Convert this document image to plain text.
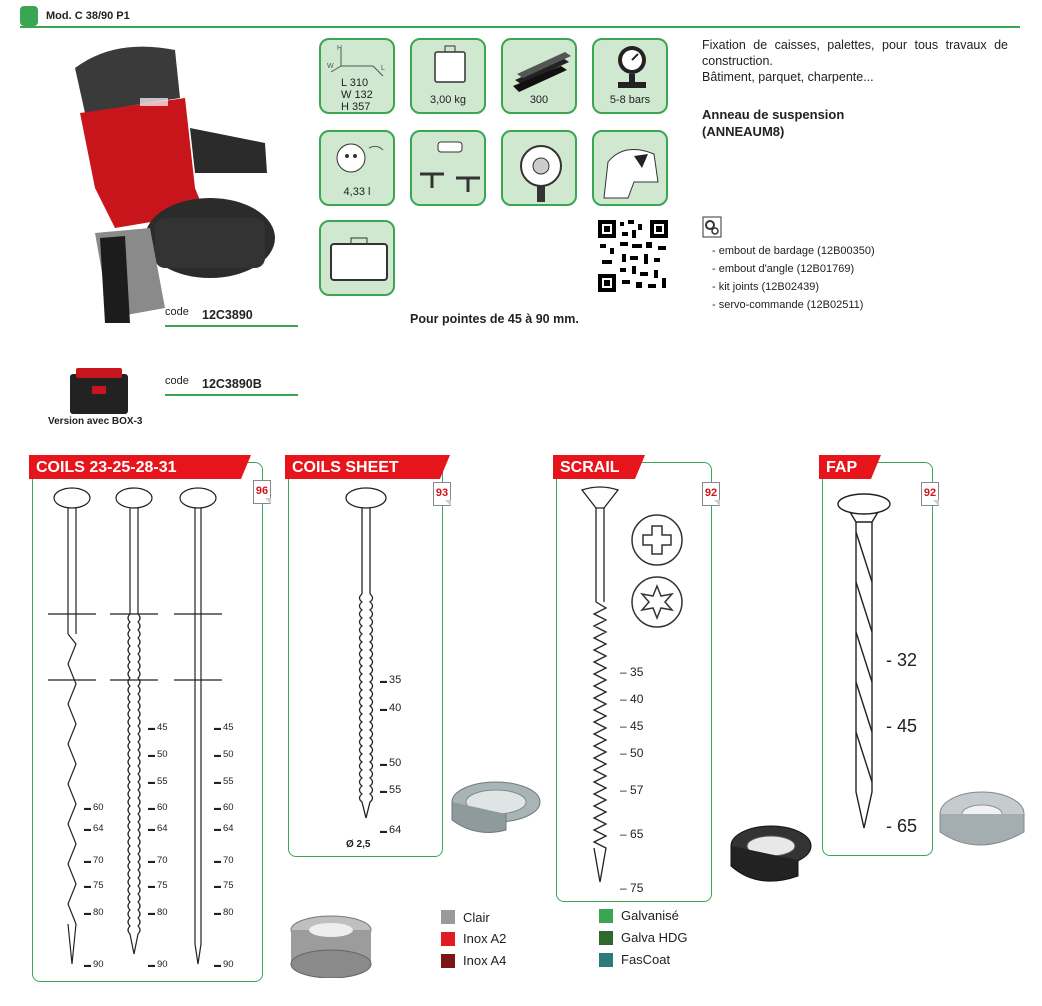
Mod. C 38/90 P1
code 12C3890
code 12C3890B
Version avec BOX-3
H
W	L
L 310
W 132
H 357
3,00 kg	300	5-8 bars
4,33 l
Pour pointes de 45 à 90 mm.

Fixation de caisses, palettes, pour tous travaux de construction.

Bâtiment, parquet, charpente...

Anneau de suspension
(ANNEAUM8)
- embout de bardage (12B00350)
- embout d'angle (12B01769)
- kit joints (12B02439)
- servo-commande (12B02511)
COILS 23-25-28-31
96
▬ 60
▬ 64
▬ 70
▬ 75
▬ 80
▬ 90
▬ 45
▬ 50
▬ 55
▬ 60
▬ 64
▬ 70
▬ 75
▬ 80
▬ 90
▬ 45
▬ 50
▬ 55
▬ 60
▬ 64
▬ 70
▬ 75
▬ 80
▬ 90
COILS SHEET
93
▬ 35
▬ 40
▬ 50
▬ 55
▬ 64
Ø 2,5
SCRAIL
92
– 35
– 40
– 45
– 50
– 57
– 65
– 75
FAP
92
- 32
- 45
- 65
Clair
Inox A2
Inox A4
Galvanisé
Galva HDG
FasCoat
